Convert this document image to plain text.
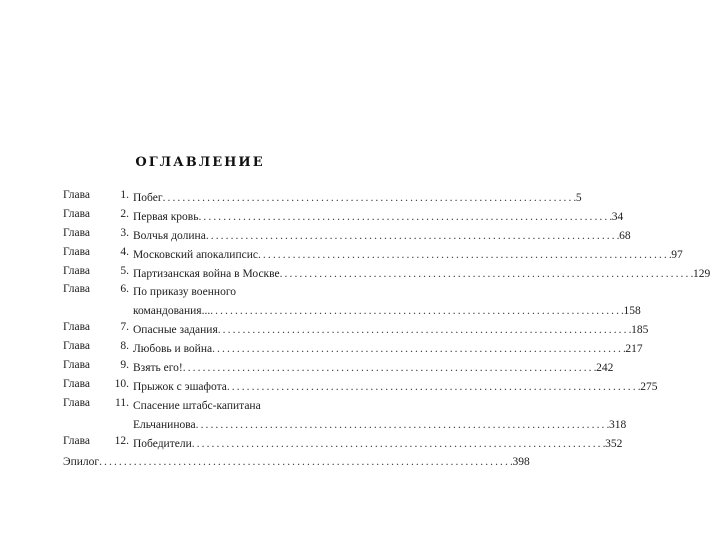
ОГЛАВЛЕНИЕ
Глава	1. Побег . . .	5
Глава	2. Первая кровь . . .	34
Глава	3. Волчья долина . . .	68
Глава	4. Московский апокалипсис . . .	97
Глава	5. Партизанская война в Москве . . .	129
Глава	6. По приказу военного
командования... . . .	158
Глава	7. Опасные задания . . .	185
Глава	8. Любовь и война . . .	217
Глава	9. Взять его! . . .	242
Глава	10. Прыжок с эшафота . . .	275
Глава	11. Спасение штабс-капитана
Ельчанинова . . .	318
Глава	12. Победители . . .	352
Эпилог . . .	398
